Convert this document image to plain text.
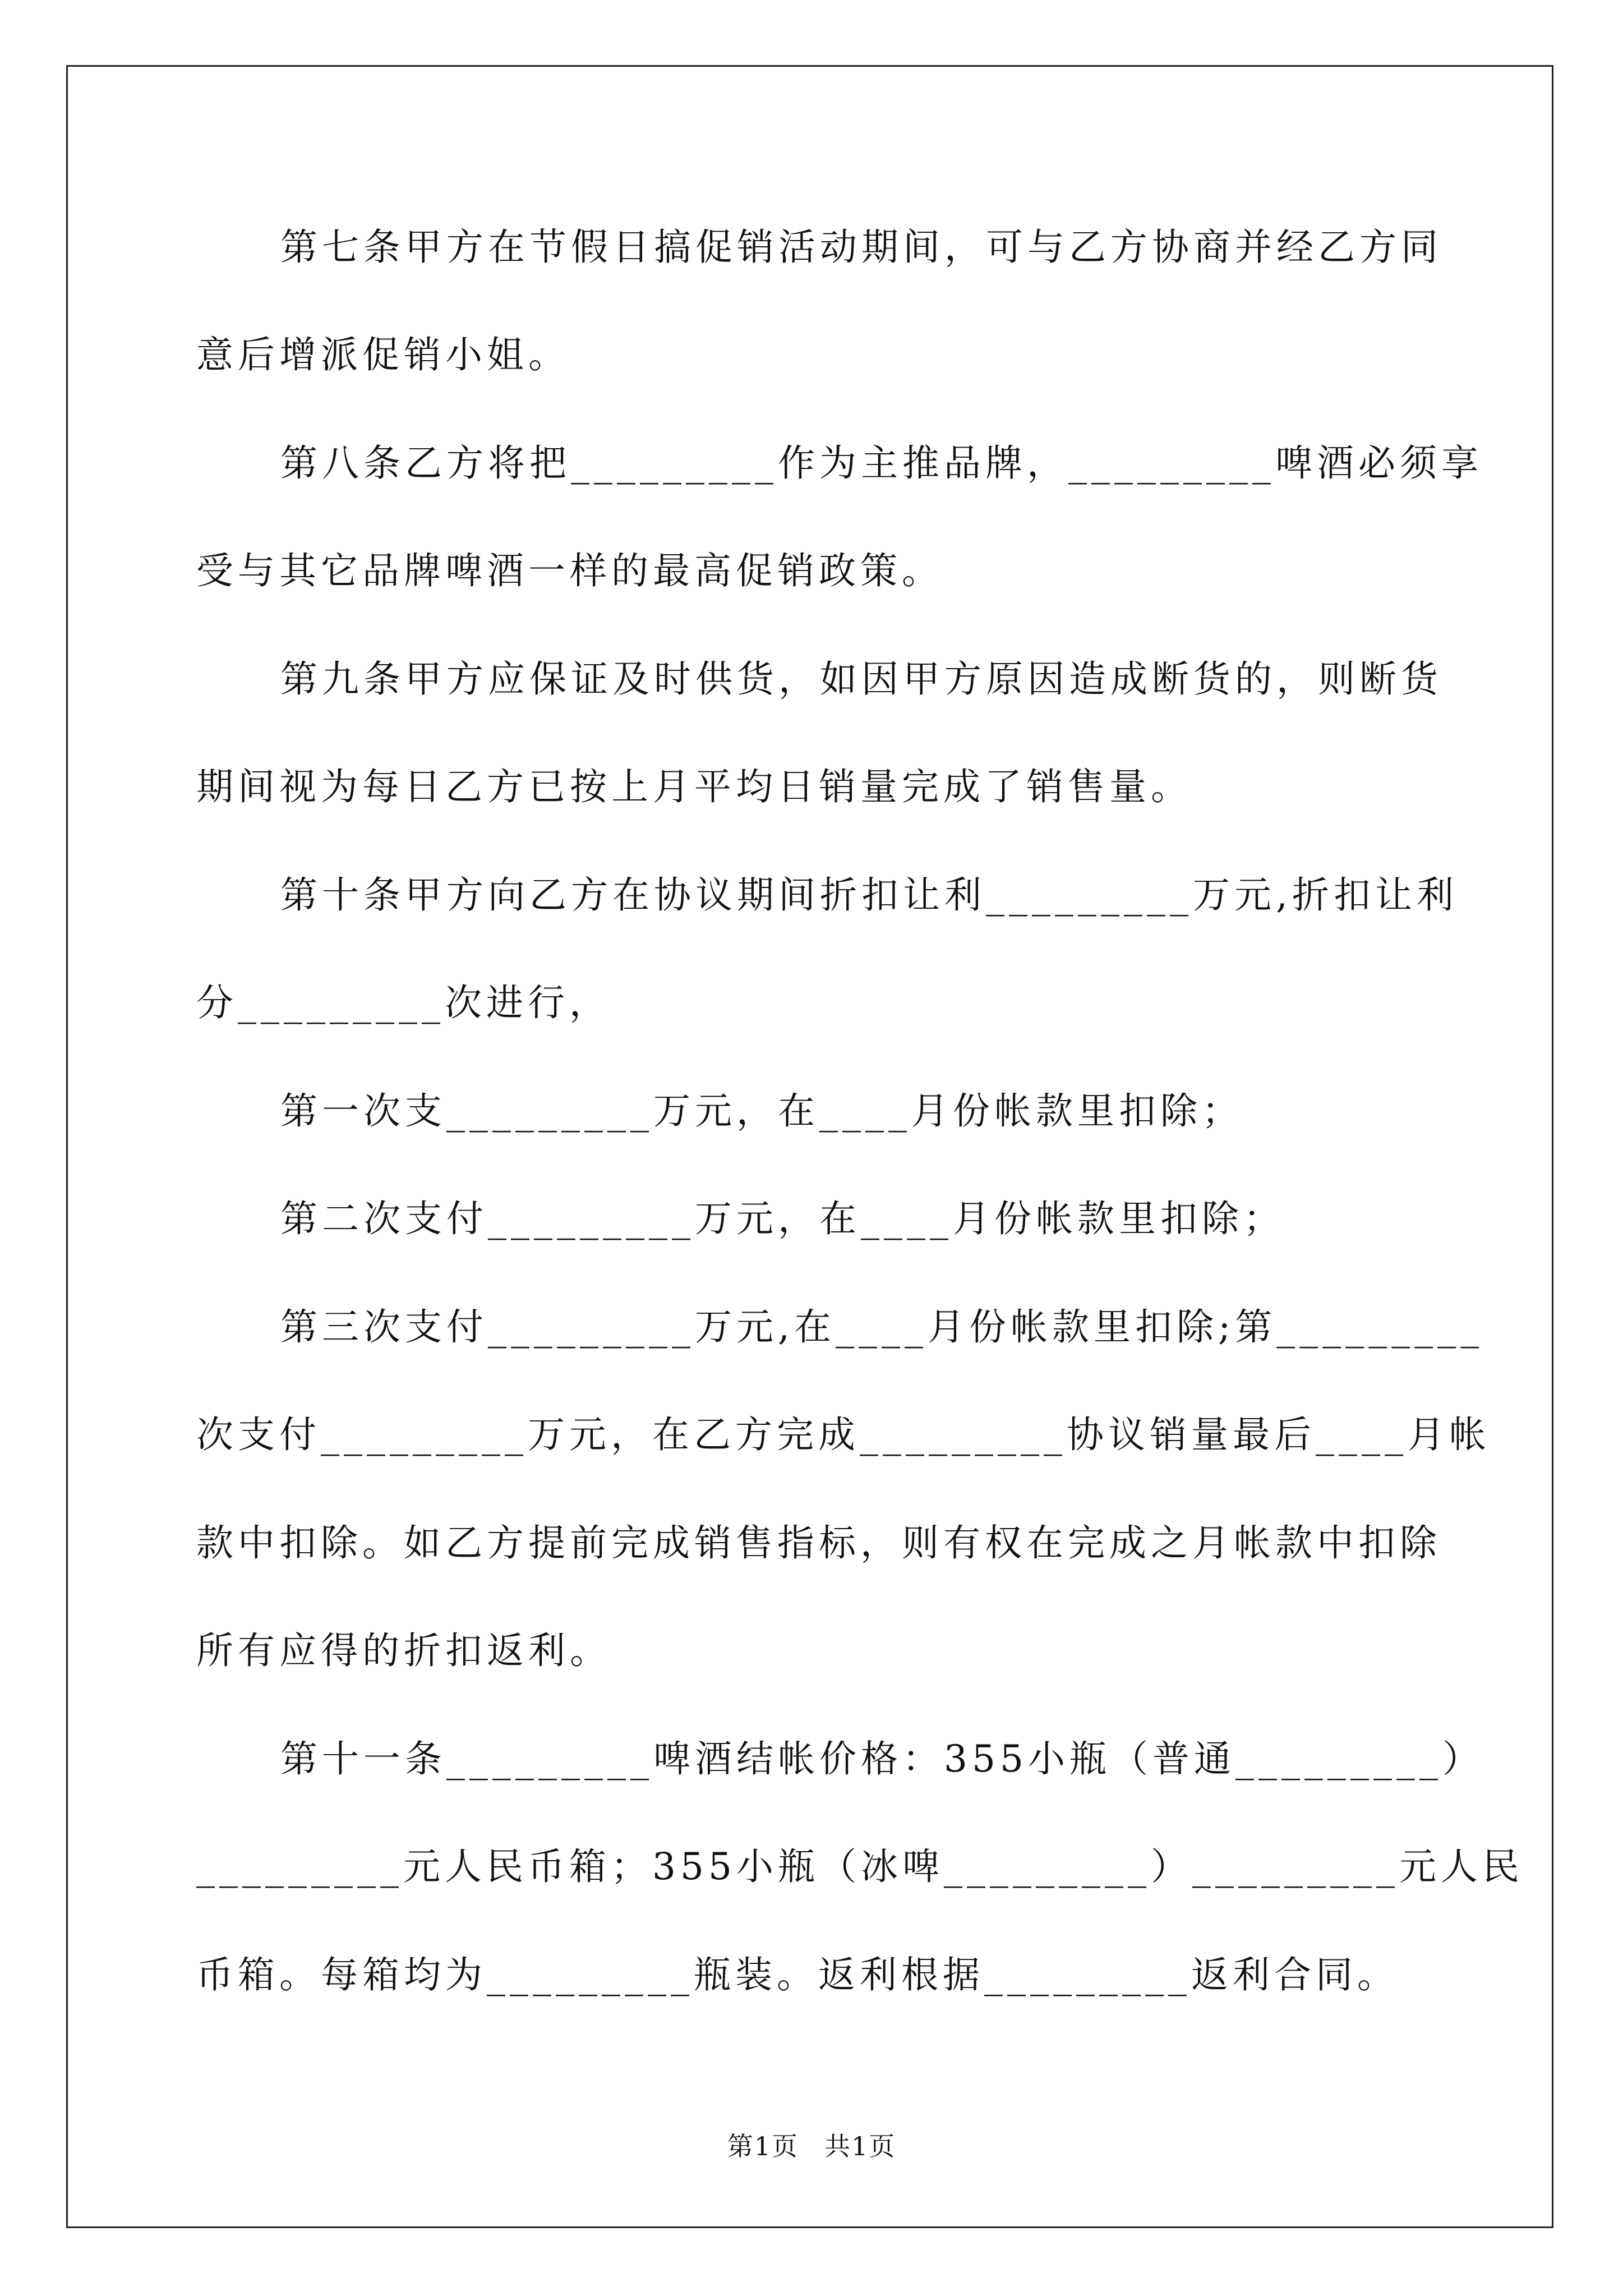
第七条甲方在节假日搞促销活动期间，可与乙方协商并经乙方同
意后增派促销小姐。
第八条乙方将把_________作为主推品牌，_________啤酒必须享
受与其它品牌啤酒一样的最高促销政策。
第九条甲方应保证及时供货，如因甲方原因造成断货的，则断货
期间视为每日乙方已按上月平均日销量完成了销售量。
第十条甲方向乙方在协议期间折扣让利_________万元,折扣让利
分_________次进行，
第一次支_________万元，在____月份帐款里扣除；
第二次支付_________万元，在____月份帐款里扣除；
第三次支付_________万元,在____月份帐款里扣除;第_________
次支付_________万元，在乙方完成_________协议销量最后____月帐
款中扣除。如乙方提前完成销售指标，则有权在完成之月帐款中扣除
所有应得的折扣返利。
第十一条_________啤酒结帐价格：355小瓶（普通_________）
_________元人民币箱；355小瓶（冰啤_________）_________元人民
币箱。每箱均为_________瓶装。返利根据_________返利合同。
第1页 共1页
